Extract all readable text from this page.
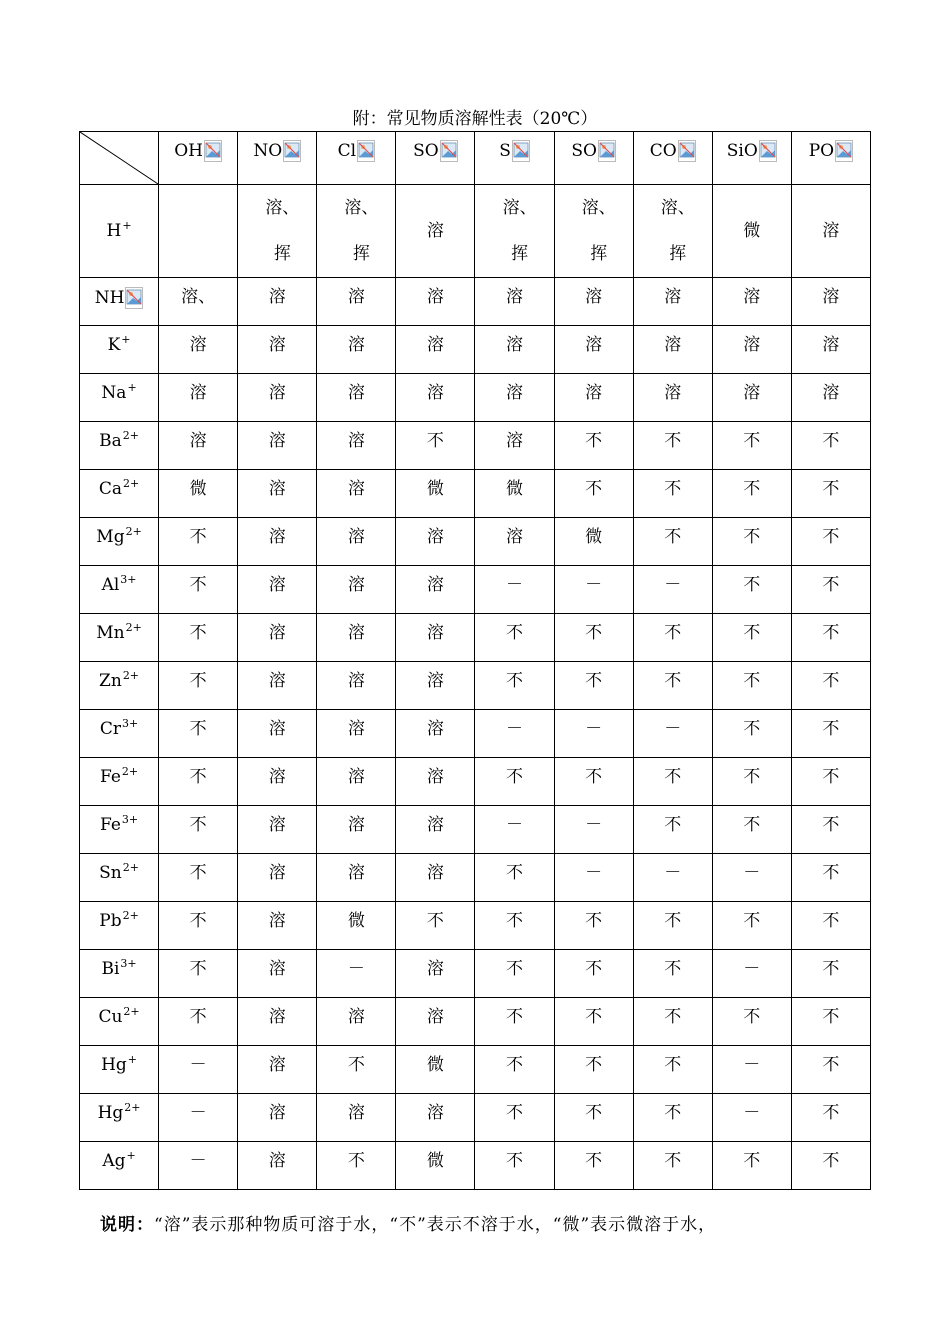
附：常见物质溶解性表（20℃）
	OH	NO	Cl	SO	S	SO	CO	SiO	PO
H+		溶、挥	溶、挥	溶	溶、挥	溶、挥	溶、挥	微	溶
NH	溶、	溶	溶	溶	溶	溶	溶	溶	溶
K+	溶	溶	溶	溶	溶	溶	溶	溶	溶
Na+	溶	溶	溶	溶	溶	溶	溶	溶	溶
$Ba^{2+}$	溶	溶	溶	不	溶	不	不	不	不
$Ca^{2+}$	微	溶	溶	微	微	不	不	不	不
$Mg^{2+}$	不	溶	溶	溶	溶	微	不	不	不
$Al^{3+}$	不	溶	溶	溶	－	－	－	不	不
$Mn^{2+}$	不	溶	溶	溶	不	不	不	不	不
$Zn^{2+}$	不	溶	溶	溶	不	不	不	不	不
$Cr^{3+}$	不	溶	溶	溶	－	－	－	不	不
$Fe^{2+}$	不	溶	溶	溶	不	不	不	不	不
$Fe^{3+}$	不	溶	溶	溶	－	－	不	不	不
$Sn^{2+}$	不	溶	溶	溶	不	－	－	－	不
$Pb^{2+}$	不	溶	微	不	不	不	不	不	不
$Bi^{3+}$	不	溶	－	溶	不	不	不	－	不
$Cu^{2+}$	不	溶	溶	溶	不	不	不	不	不
Hg+	－	溶	不	微	不	不	不	－	不
$Hg^{2+}$	－	溶	溶	溶	不	不	不	－	不
Ag+	－	溶	不	微	不	不	不	不	不
说明：“溶”表示那种物质可溶于水，“不”表示不溶于水，“微”表示微溶于水，
